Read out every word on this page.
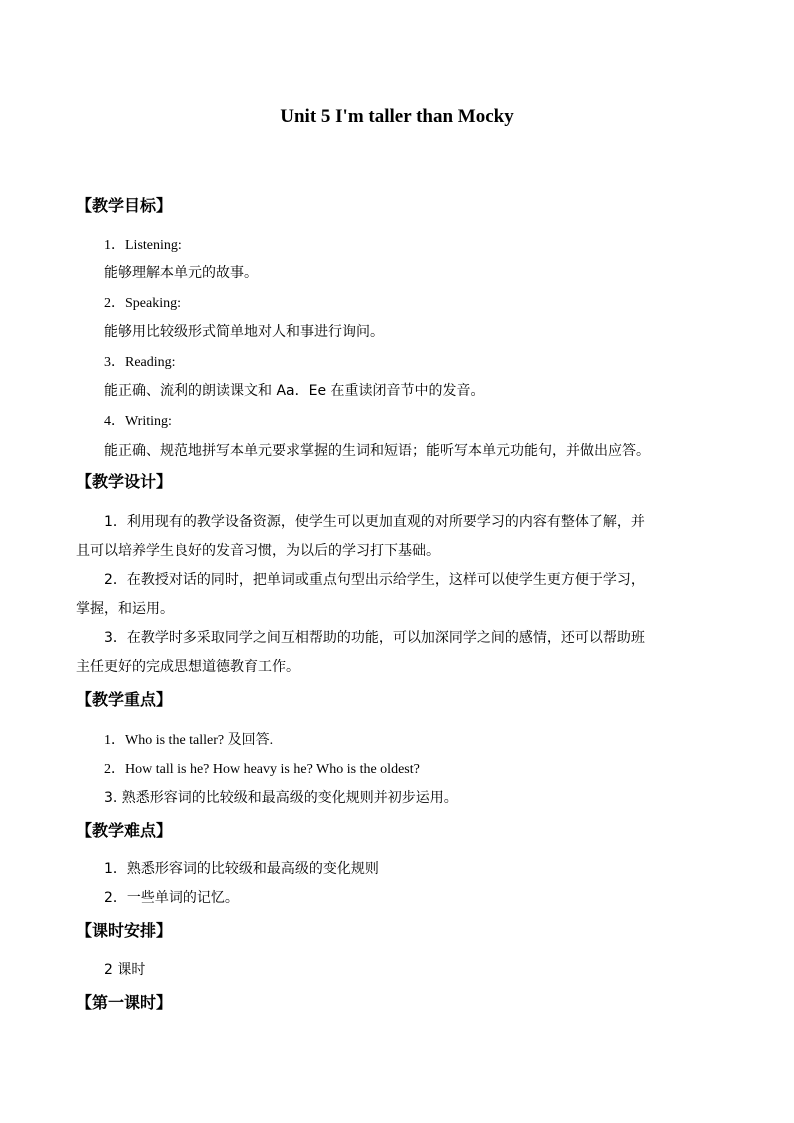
Unit 5 I'm taller than Mocky
【教学目标】
1．Listening:
能够理解本单元的故事。
2．Speaking:
能够用比较级形式简单地对人和事进行询问。
3．Reading:
能正确、流利的朗读课文和 Aa．Ee 在重读闭音节中的发音。
4．Writing:
能正确、规范地拼写本单元要求掌握的生词和短语；能听写本单元功能句，并做出应答。
【教学设计】
1．利用现有的教学设备资源，使学生可以更加直观的对所要学习的内容有整体了解，并
且可以培养学生良好的发音习惯，为以后的学习打下基础。
2．在教授对话的同时，把单词或重点句型出示给学生，这样可以使学生更方便于学习，
掌握，和运用。
3．在教学时多采取同学之间互相帮助的功能，可以加深同学之间的感情，还可以帮助班
主任更好的完成思想道德教育工作。
【教学重点】
1．Who is the taller? 及回答.
2．How tall is he? How heavy is he? Who is the oldest?
3. 熟悉形容词的比较级和最高级的变化规则并初步运用。
【教学难点】
1．熟悉形容词的比较级和最高级的变化规则
2．一些单词的记忆。
【课时安排】
2 课时
【第一课时】
